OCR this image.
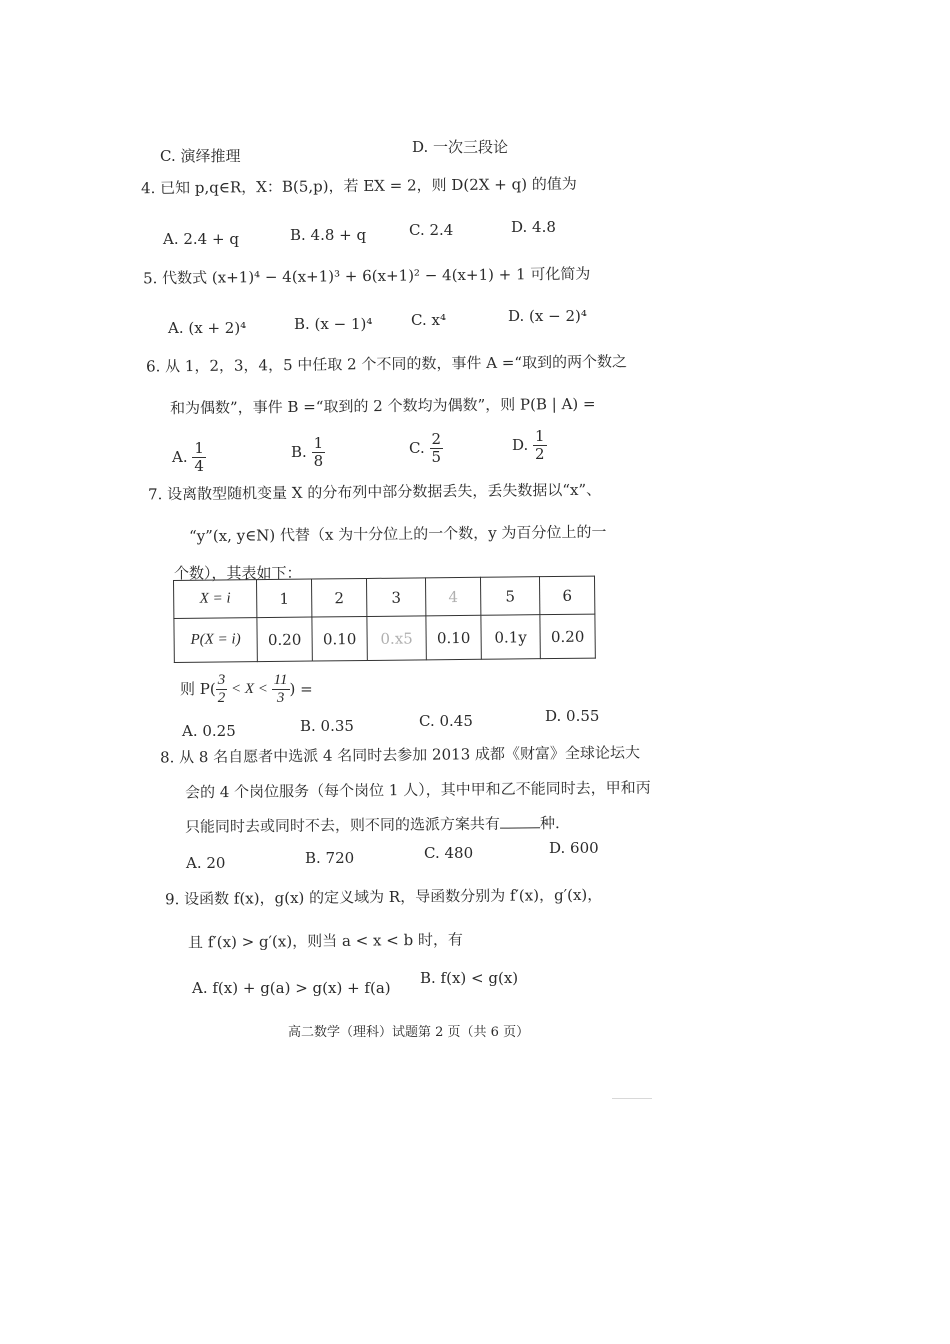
C. 演绎推理	D. 一次三段论
4. 已知 p,q∈R，X：B(5,p)，若 EX = 2，则 D(2X + q) 的值为
A. 2.4 + q	B. 4.8 + q	C. 2.4	D. 4.8
5. 代数式 (x+1)⁴ − 4(x+1)³ + 6(x+1)² − 4(x+1) + 1 可化简为
A. (x + 2)⁴	B. (x − 1)⁴	C. x⁴	D. (x − 2)⁴
6. 从 1，2，3，4，5 中任取 2 个不同的数，事件 A =“取到的两个数之
和为偶数”，事件 B =“取到的 2 个数均为偶数”，则 P(B | A) =
A. $\frac{1}{4}$	B. $\frac{1}{8}$	C. $\frac{2}{5}$	D. $\frac{1}{2}$
7. 设离散型随机变量 X 的分布列中部分数据丢失，丢失数据以“x”、
“y”(x, y∈N) 代替（x 为十分位上的一个数，y 为百分位上的一
个数），其表如下：
X = i	1	2	3	4	5	6
P(X = i)	0.20	0.10	0.x5	0.10	0.1y	0.20
则 $P( \frac{3}{2} < X < \frac{11}{3}$ ) =
A. 0.25	B. 0.35	C. 0.45	D. 0.55
8. 从 8 名自愿者中选派 4 名同时去参加 2013 成都《财富》全球论坛大
会的 4 个岗位服务（每个岗位 1 人），其中甲和乙不能同时去，甲和丙
只能同时去或同时不去，则不同的选派方案共有	种.
A. 20	B. 720	C. 480	D. 600
9. 设函数 f(x)，g(x) 的定义域为 R，导函数分别为 f′(x)，g′(x)，
且 f′(x) > g′(x)，则当 a < x < b 时，有
A. f(x) + g(a) > g(x) + f(a)
B. f(x) < g(x)
高二数学（理科）试题第 2 页（共 6 页）
